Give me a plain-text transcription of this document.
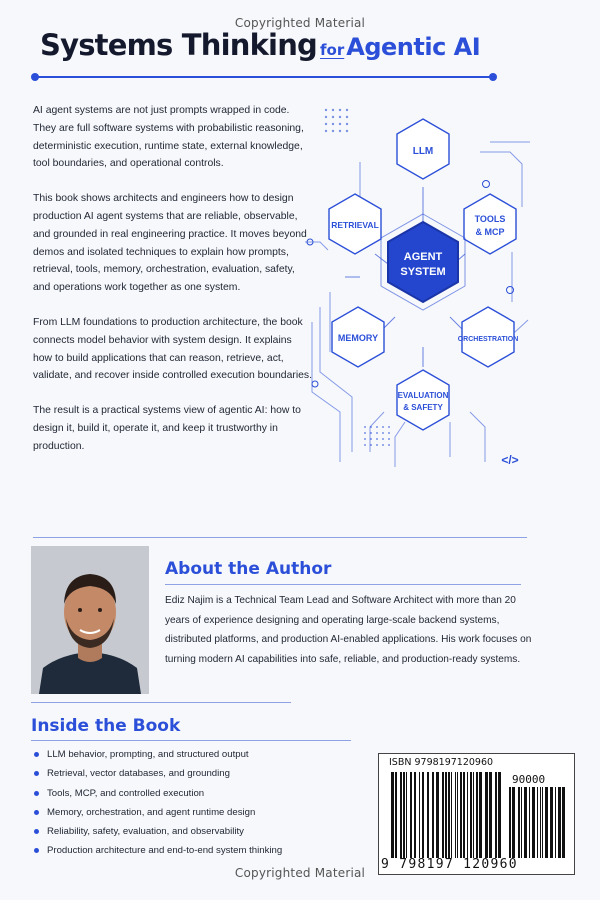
Copyrighted Material
Systems Thinking forAgentic AI

AI agent systems are not just prompts wrapped in code. They are full software systems with probabilistic reasoning, deterministic execution, runtime state, external knowledge, tool boundaries, and operational controls.

This book shows architects and engineers how to design production AI agent systems that are reliable, observable, and grounded in real engineering practice. It moves beyond demos and isolated techniques to explain how prompts, retrieval, tools, memory, orchestration, evaluation, safety, and operations work together as one system.

From LLM foundations to production architecture, the book connects model behavior with system design. It explains how to build applications that can reason, retrieve, act, validate, and recover inside controlled execution boundaries.

The result is a practical systems view of agentic AI: how to design it, build it, operate it, and keep it trustworthy in production.

LLM
RETRIEVAL
TOOLS
& MCP
MEMORY	ORCHESTRATION
EVALUATION
& SAFETY
</>
AGENT
SYSTEM
About the Author

Ediz Najim is a Technical Team Lead and Software Architect with more than 20 years of experience designing and operating large-scale backend systems, distributed platforms, and production AI-enabled applications. His work focuses on turning modern AI capabilities into safe, reliable, and production-ready systems.

Inside the Book
LLM behavior, prompting, and structured output
Retrieval, vector databases, and grounding
Tools, MCP, and controlled execution
Memory, orchestration, and agent runtime design
Reliability, safety, evaluation, and observability
Production architecture and end-to-end system thinking
ISBN 9798197120960
90000
9 798197 120960
Copyrighted Material
